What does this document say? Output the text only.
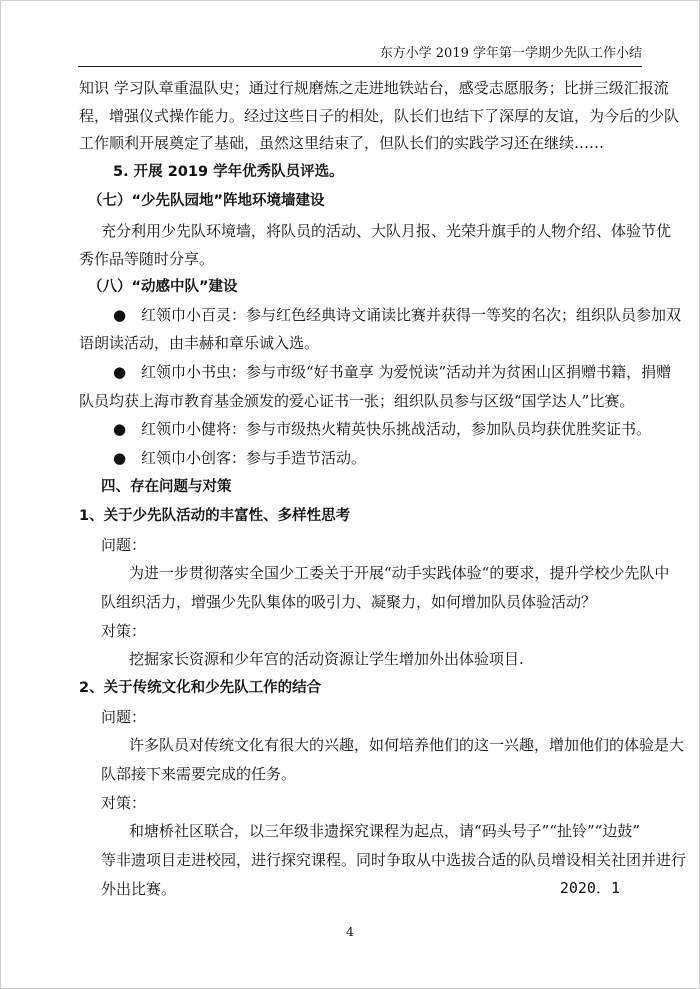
东方小学 2019 学年第一学期少先队工作小结
知识 学习队章重温队史；通过行规磨炼之走进地铁站台，感受志愿服务；比拼三级汇报流
程，增强仪式操作能力。经过这些日子的相处，队长们也结下了深厚的友谊，为今后的少队
工作顺利开展奠定了基础，虽然这里结束了，但队长们的实践学习还在继续……
5. 开展 2019 学年优秀队员评选。
（七）“少先队园地”阵地环境墙建设
充分利用少先队环境墙，将队员的活动、大队月报、光荣升旗手的人物介绍、体验节优
秀作品等随时分享。
（八）“动感中队”建设
● 红领巾小百灵：参与红色经典诗文诵读比赛并获得一等奖的名次；组织队员参加双
语朗读活动，由丰赫和章乐诚入选。
● 红领巾小书虫：参与市级“好书童享 为爱悦读”活动并为贫困山区捐赠书籍，捐赠
队员均获上海市教育基金颁发的爱心证书一张；组织队员参与区级“国学达人”比赛。
● 红领巾小健将：参与市级热火精英快乐挑战活动，参加队员均获优胜奖证书。
● 红领巾小创客：参与手造节活动。
四、存在问题与对策
1、关于少先队活动的丰富性、多样性思考
问题：
为进一步贯彻落实全国少工委关于开展“动手实践体验“的要求，提升学校少先队中
队组织活力，增强少先队集体的吸引力、凝聚力，如何增加队员体验活动？
对策：
挖掘家长资源和少年宫的活动资源让学生增加外出体验项目.
2、关于传统文化和少先队工作的结合
问题：
许多队员对传统文化有很大的兴趣，如何培养他们的这一兴趣，增加他们的体验是大
队部接下来需要完成的任务。
对策：
和塘桥社区联合，以三年级非遗探究课程为起点，请“码头号子”“扯铃”“边鼓”
等非遗项目走进校园，进行探究课程。同时争取从中选拔合适的队员增设相关社团并进行
外出比赛。	2020．1
4
